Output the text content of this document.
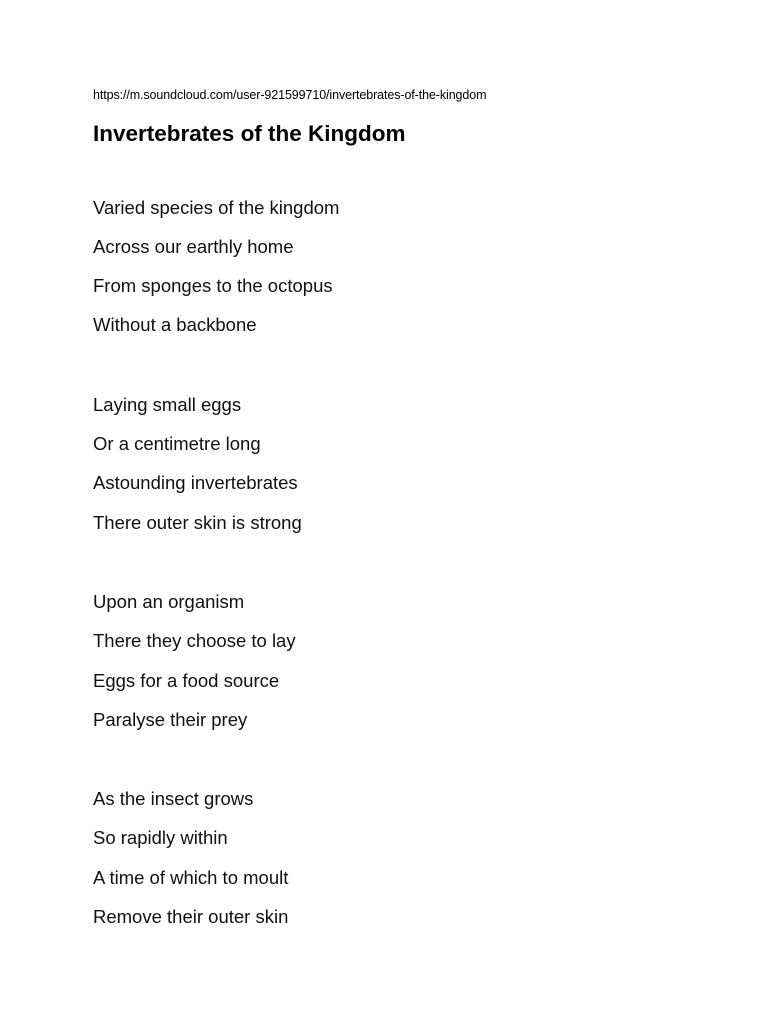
https://m.soundcloud.com/user-921599710/invertebrates-of-the-kingdom
Invertebrates of the Kingdom
Varied species of the kingdom
Across our earthly home
From sponges to the octopus
Without a backbone
Laying small eggs
Or a centimetre long
Astounding invertebrates
There outer skin is strong
Upon an organism
There they choose to lay
Eggs for a food source
Paralyse their prey
As the insect grows
So rapidly within
A time of which to moult
Remove their outer skin
